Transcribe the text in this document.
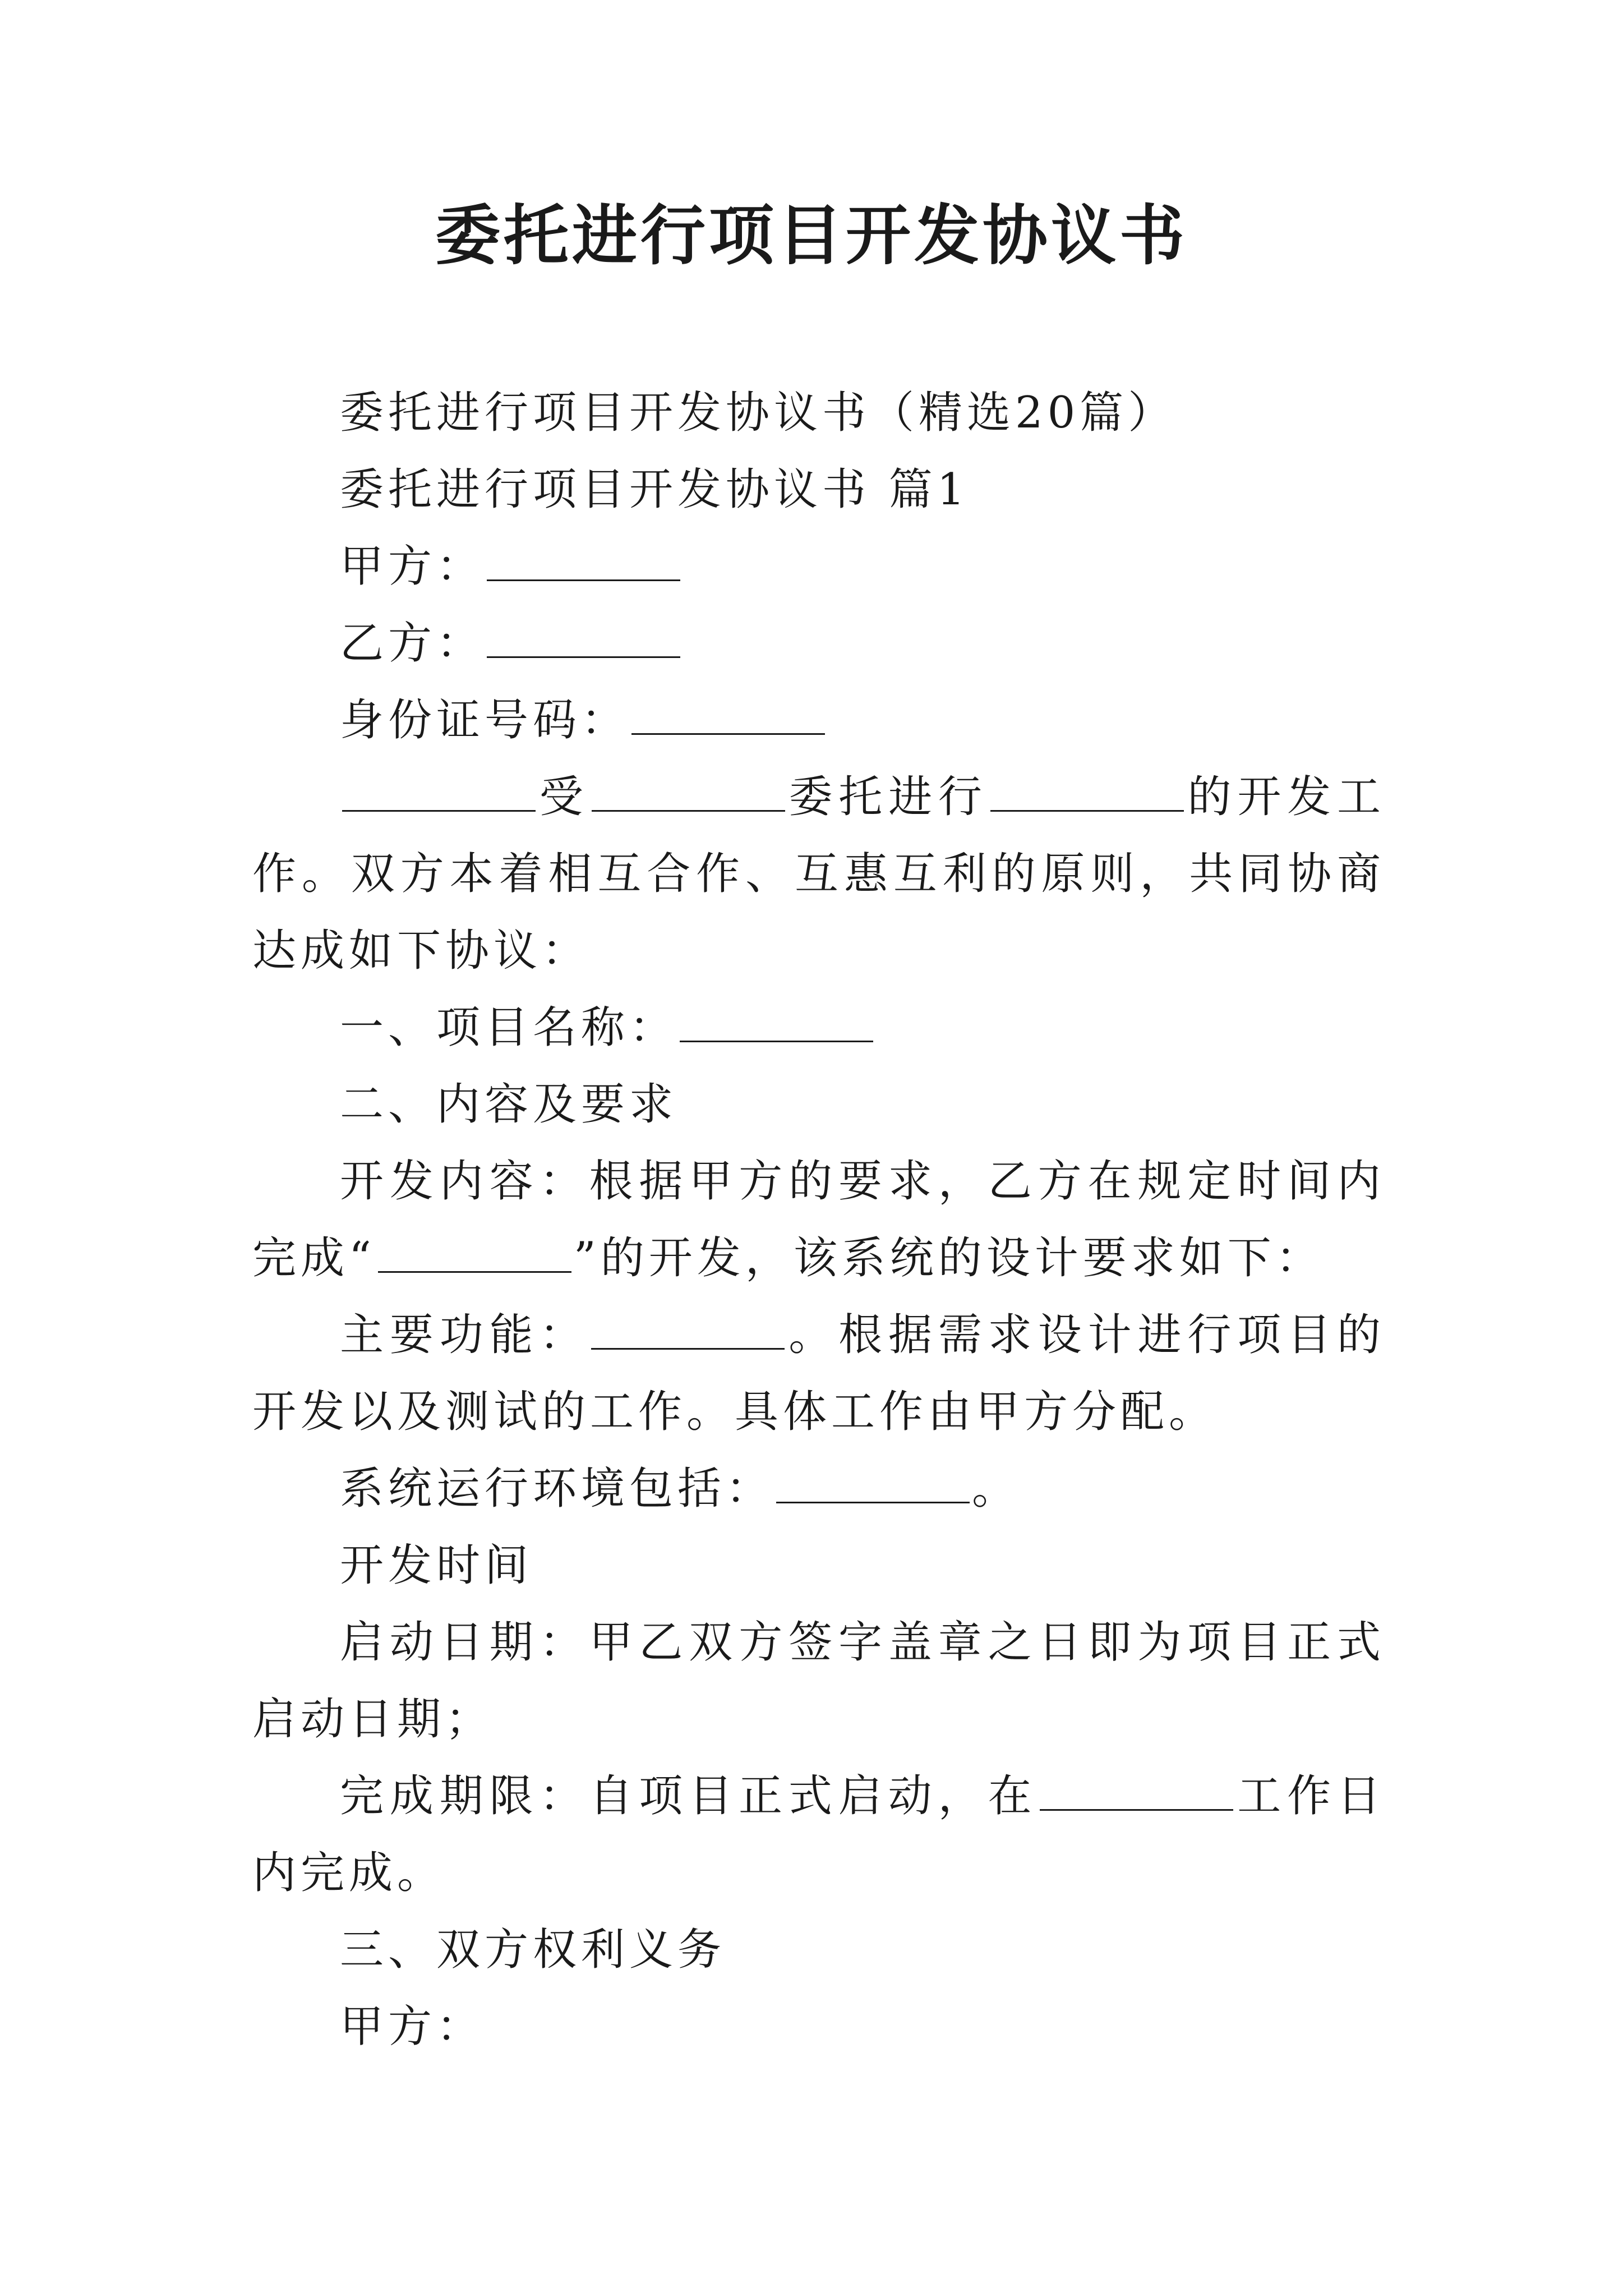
委托进行项目开发协议书

委托进行项目开发协议书（精选20篇）

委托进行项目开发协议书 篇1

甲方：

乙方：

身份证号码：

受	委托进行	的开发工作。双方本着相互合作、互惠互利的原则，共同协商达成如下协议：

一、项目名称：

二、内容及要求

开发内容：根据甲方的要求，乙方在规定时间内完成“	”的开发，该系统的设计要求如下：

主要功能：	。根据需求设计进行项目的开发以及测试的工作。具体工作由甲方分配。

系统运行环境包括：	。

开发时间

启动日期：甲乙双方签字盖章之日即为项目正式启动日期；

完成期限：自项目正式启动，在	工作日内完成。

三、双方权利义务

甲方：
